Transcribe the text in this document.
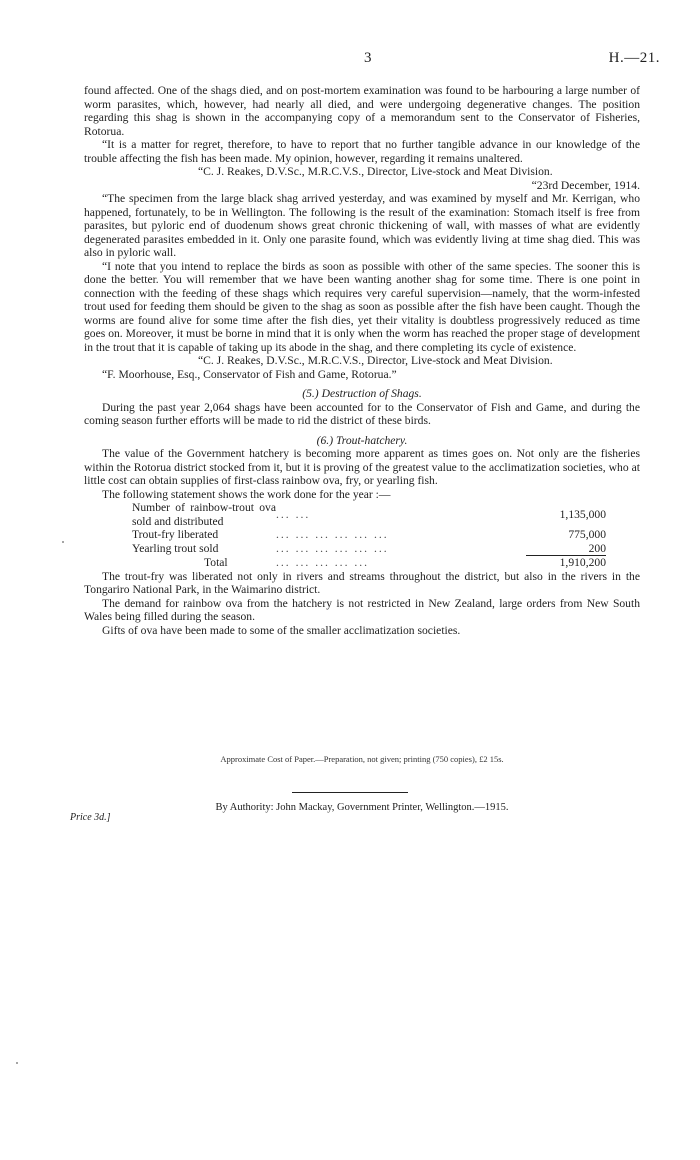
3	H.—21.

found affected. One of the shags died, and on post-mortem examination was found to be harbouring a large number of worm parasites, which, however, had nearly all died, and were undergoing degenerative changes. The position regarding this shag is shown in the accompanying copy of a memorandum sent to the Conservator of Fisheries, Rotorua.

“It is a matter for regret, therefore, to have to report that no further tangible advance in our knowledge of the trouble affecting the fish has been made. My opinion, however, regarding it remains unaltered.

“C. J. Reakes, D.V.Sc., M.R.C.V.S., Director, Live-stock and Meat Division.

“23rd December, 1914.

“The specimen from the large black shag arrived yesterday, and was examined by myself and Mr. Kerrigan, who happened, fortunately, to be in Wellington. The following is the result of the examination: Stomach itself is free from parasites, but pyloric end of duodenum shows great chronic thickening of wall, with masses of what are evidently degenerated parasites embedded in it. Only one parasite found, which was evidently living at time shag died. This was also in pyloric wall.

“I note that you intend to replace the birds as soon as possible with other of the same species. The sooner this is done the better. You will remember that we have been wanting another shag for some time. There is one point in connection with the feeding of these shags which requires very careful supervision—namely, that the worm-infested trout used for feeding them should be given to the shag as soon as possible after the fish have been caught. Though the worms are found alive for some time after the fish dies, yet their vitality is doubtless progressively reduced as time goes on. Moreover, it must be borne in mind that it is only when the worm has reached the proper stage of development in the trout that it is capable of taking up its abode in the shag, and there completing its cycle of existence.

“C. J. Reakes, D.V.Sc., M.R.C.V.S., Director, Live-stock and Meat Division.

“F. Moorhouse, Esq., Conservator of Fish and Game, Rotorua.”

(5.) Destruction of Shags.

During the past year 2,064 shags have been accounted for to the Conservator of Fish and Game, and during the coming season further efforts will be made to rid the district of these birds.

(6.) Trout-hatchery.

The value of the Government hatchery is becoming more apparent as times goes on. Not only are the fisheries within the Rotorua district stocked from it, but it is proving of the greatest value to the acclimatization societies, who at little cost can obtain supplies of first-class rainbow ova, fry, or yearling fish.

The following statement shows the work done for the year :—

Number of rainbow-trout ova sold and distributed	... ...	1,135,000
Trout-fry liberated	... ... ... ... ... ...	775,000
Yearling trout sold	... ... ... ... ... ...	200
Total	... ... ... ... ...	1,910,200

The trout-fry was liberated not only in rivers and streams throughout the district, but also in the rivers in the Tongariro National Park, in the Waimarino district.

The demand for rainbow ova from the hatchery is not restricted in New Zealand, large orders from New South Wales being filled during the season.

Gifts of ova have been made to some of the smaller acclimatization societies.

Approximate Cost of Paper.—Preparation, not given; printing (750 copies), £2 15s.
By Authority: John Mackay, Government Printer, Wellington.—1915.
Price 3d.]
